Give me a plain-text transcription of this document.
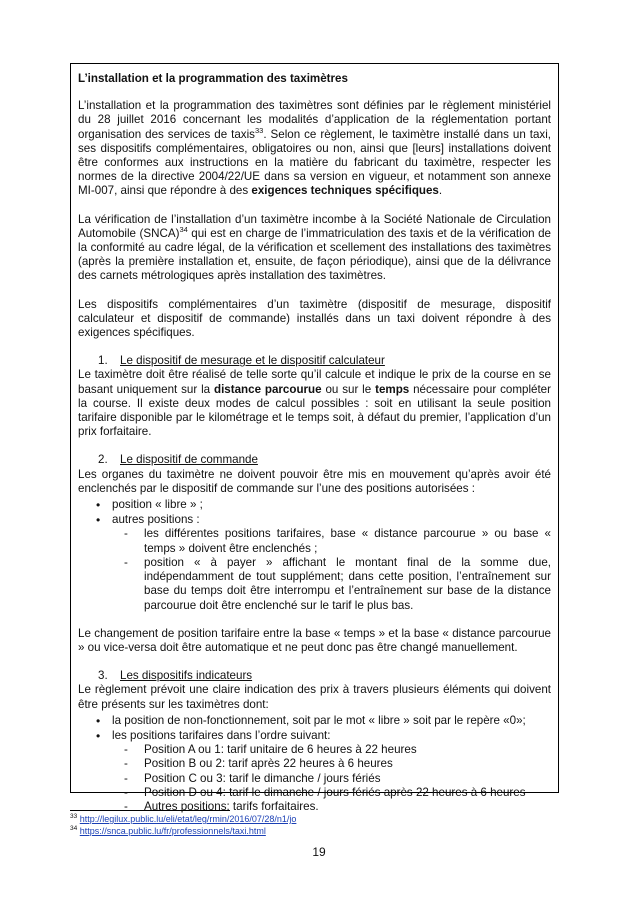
L’installation et la programmation des taximètres

L’installation et la programmation des taximètres sont définies par le règlement ministériel du 28 juillet 2016 concernant les modalités d’application de la réglementation portant organisation des services de taxis$^{33}$. Selon ce règlement, le taximètre installé dans un taxi, ses dispositifs complémentaires, obligatoires ou non, ainsi que [leurs] installations doivent être conformes aux instructions en la matière du fabricant du taximètre, respecter les normes de la directive 2004/22/UE dans sa version en vigueur, et notamment son annexe MI-007, ainsi que répondre à des exigences techniques spécifiques.

La vérification de l’installation d’un taximètre incombe à la Société Nationale de Circulation Automobile (SNCA)$^{34}$ qui est en charge de l’immatriculation des taxis et de la vérification de la conformité au cadre légal, de la vérification et scellement des installations des taximètres (après la première installation et, ensuite, de façon périodique), ainsi que de la délivrance des carnets métrologiques après installation des taximètres.

Les dispositifs complémentaires d’un taximètre (dispositif de mesurage, dispositif calculateur et dispositif de commande) installés dans un taxi doivent répondre à des exigences spécifiques.

1. Le dispositif de mesurage et le dispositif calculateur

Le taximètre doit être réalisé de telle sorte qu’il calcule et indique le prix de la course en se basant uniquement sur la distance parcourue ou sur le temps nécessaire pour compléter la course. Il existe deux modes de calcul possibles : soit en utilisant la seule position tarifaire disponible par le kilométrage et le temps soit, à défaut du premier, l’application d’un prix forfaitaire.

2. Le dispositif de commande

Les organes du taximètre ne doivent pouvoir être mis en mouvement qu’après avoir été enclenchés par le dispositif de commande sur l’une des positions autorisées :

• position « libre » ;
• autres positions :
- les différentes positions tarifaires, base « distance parcourue » ou base « temps » doivent être enclenchés ;
- position « à payer » affichant le montant final de la somme due, indépendamment de tout supplément; dans cette position, l’entraînement sur base du temps doit être interrompu et l’entraînement sur base de la distance parcourue doit être enclenché sur le tarif le plus bas.

Le changement de position tarifaire entre la base « temps » et la base « distance parcourue » ou vice-versa doit être automatique et ne peut donc pas être changé manuellement.

3. Les dispositifs indicateurs

Le règlement prévoit une claire indication des prix à travers plusieurs éléments qui doivent être présents sur les taximètres dont:

• la position de non-fonctionnement, soit par le mot « libre » soit par le repère «0»;
• les positions tarifaires dans l’ordre suivant:
- Position A ou 1: tarif unitaire de 6 heures à 22 heures
- Position B ou 2: tarif après 22 heures à 6 heures
- Position C ou 3: tarif le dimanche / jours fériés
- Position D ou 4: tarif le dimanche / jours fériés après 22 heures à 6 heures
- Autres positions: tarifs forfaitaires.
$^{33}$ http://legilux.public.lu/eli/etat/leg/rmin/2016/07/28/n1/jo
$^{34}$ https://snca.public.lu/fr/professionnels/taxi.html
19
